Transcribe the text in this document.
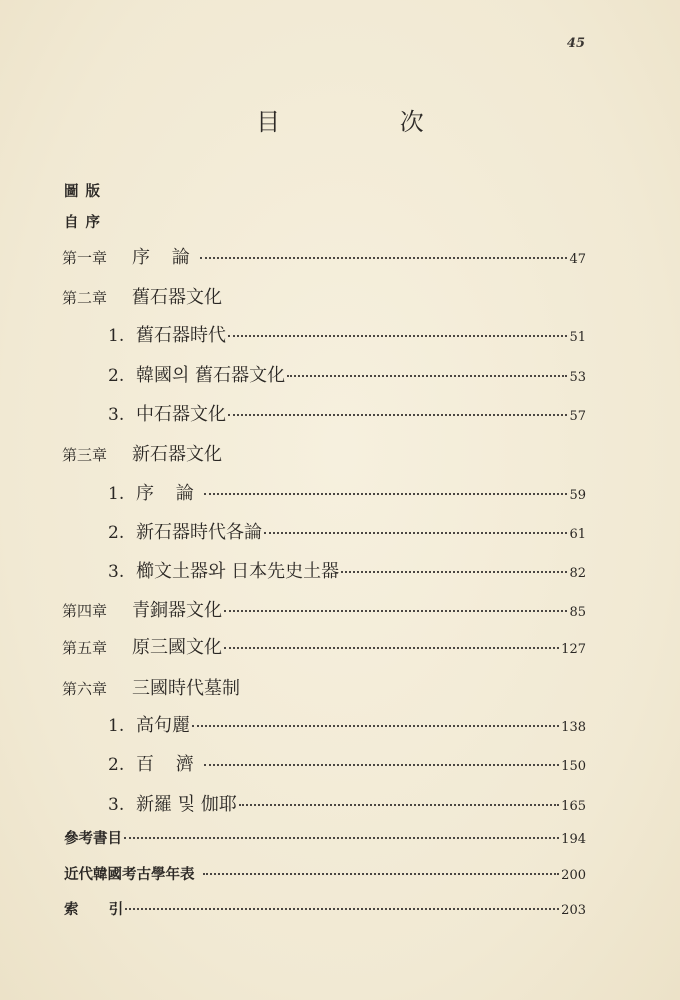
45
目 次
圖 版
自 序
第一章	序 論	47
第二章	舊石器文化
1. 舊石器時代	51
2. 韓國의 舊石器文化	53
3. 中石器文化	57
第三章	新石器文化
1. 序 論	59
2. 新石器時代各論	61
3. 櫛文土器와 日本先史土器	82
第四章	青銅器文化	85
第五章	原三國文化	127
第六章	三國時代墓制
1. 高句麗	138
2. 百 濟	150
3. 新羅 및 伽耶	165
參考書目	194
近代韓國考古學年表	200
索      引	203
